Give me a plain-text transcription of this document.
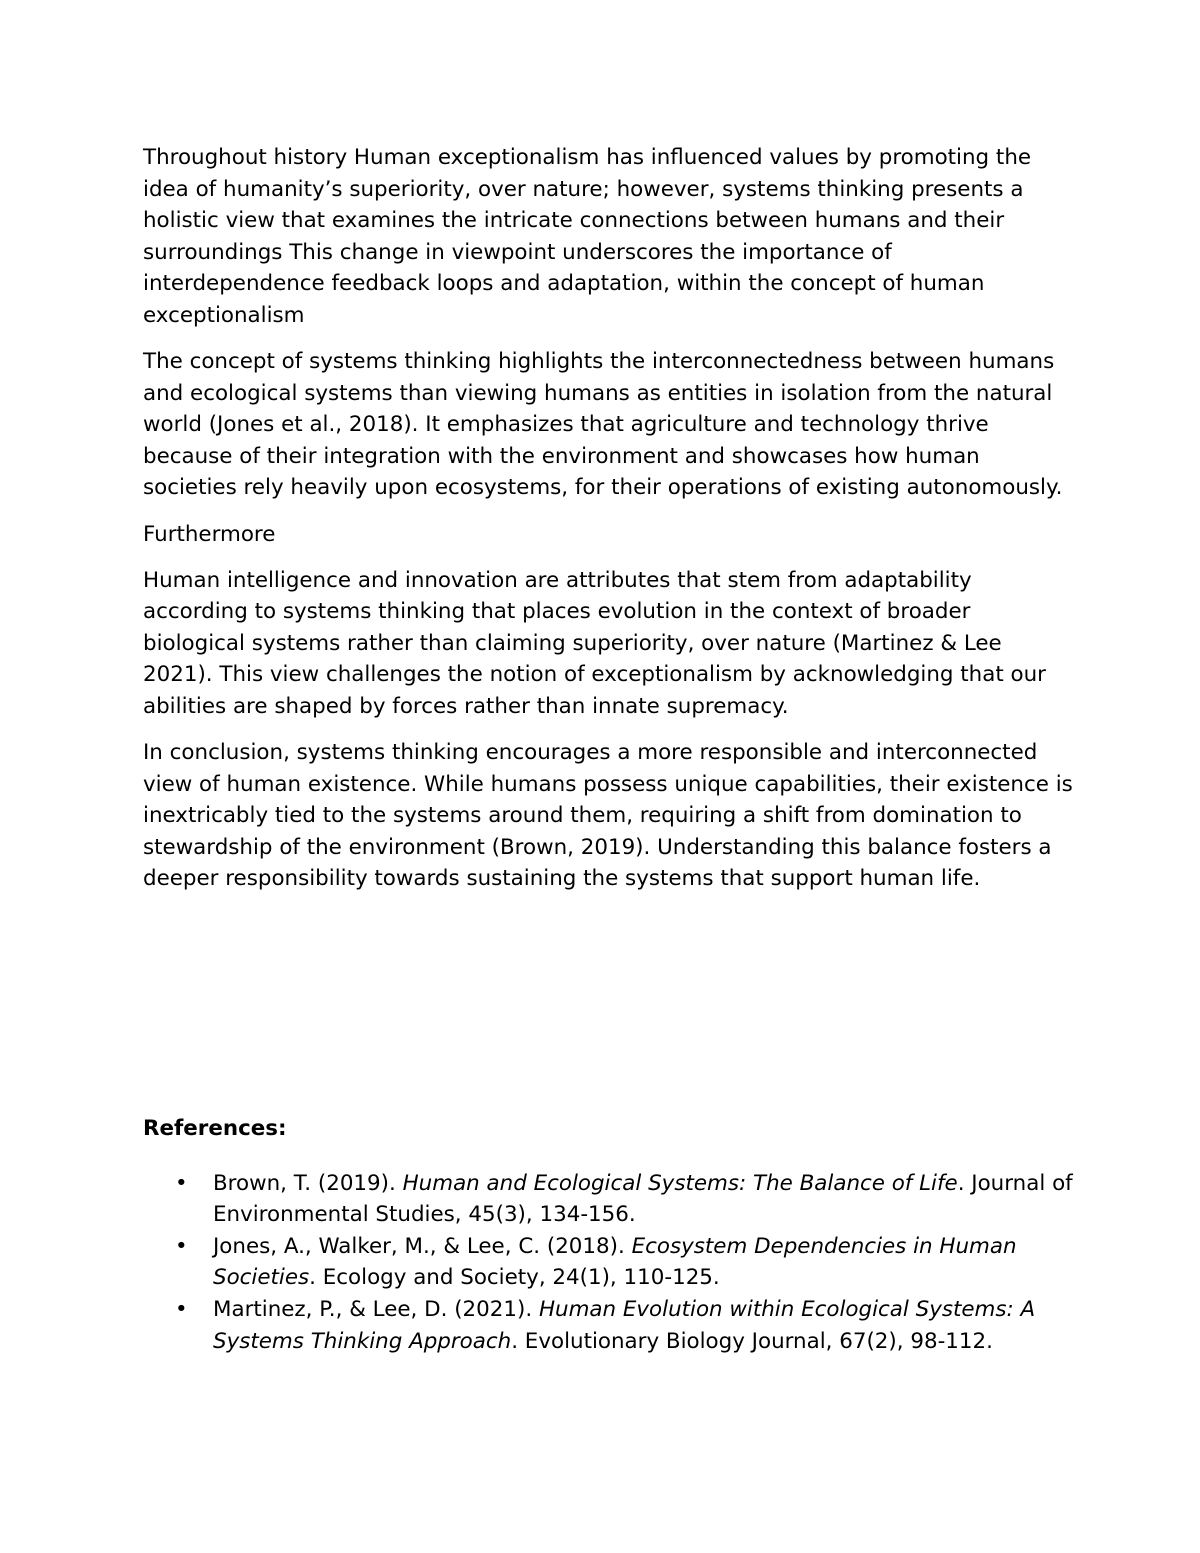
Throughout history Human exceptionalism has influenced values by promoting the idea of humanity’s superiority, over nature; however, systems thinking presents a holistic view that examines the intricate connections between humans and their surroundings This change in viewpoint underscores the importance of interdependence feedback loops and adaptation, within the concept of human exceptionalism

The concept of systems thinking highlights the interconnectedness between humans and ecological systems than viewing humans as entities in isolation from the natural world (Jones et al., 2018). It emphasizes that agriculture and technology thrive because of their integration with the environment and showcases how human societies rely heavily upon ecosystems, for their operations of existing autonomously.

Furthermore

Human intelligence and innovation are attributes that stem from adaptability according to systems thinking that places evolution in the context of broader biological systems rather than claiming superiority, over nature (Martinez & Lee 2021). This view challenges the notion of exceptionalism by acknowledging that our abilities are shaped by forces rather than innate supremacy.

In conclusion, systems thinking encourages a more responsible and interconnected view of human existence. While humans possess unique capabilities, their existence is inextricably tied to the systems around them, requiring a shift from domination to stewardship of the environment (Brown, 2019). Understanding this balance fosters a deeper responsibility towards sustaining the systems that support human life.

References:
• Brown, T. (2019). Human and Ecological Systems: The Balance of Life. Journal of Environmental Studies, 45(3), 134-156.
• Jones, A., Walker, M., & Lee, C. (2018). Ecosystem Dependencies in Human Societies. Ecology and Society, 24(1), 110-125.
• Martinez, P., & Lee, D. (2021). Human Evolution within Ecological Systems: A Systems Thinking Approach. Evolutionary Biology Journal, 67(2), 98-112.
